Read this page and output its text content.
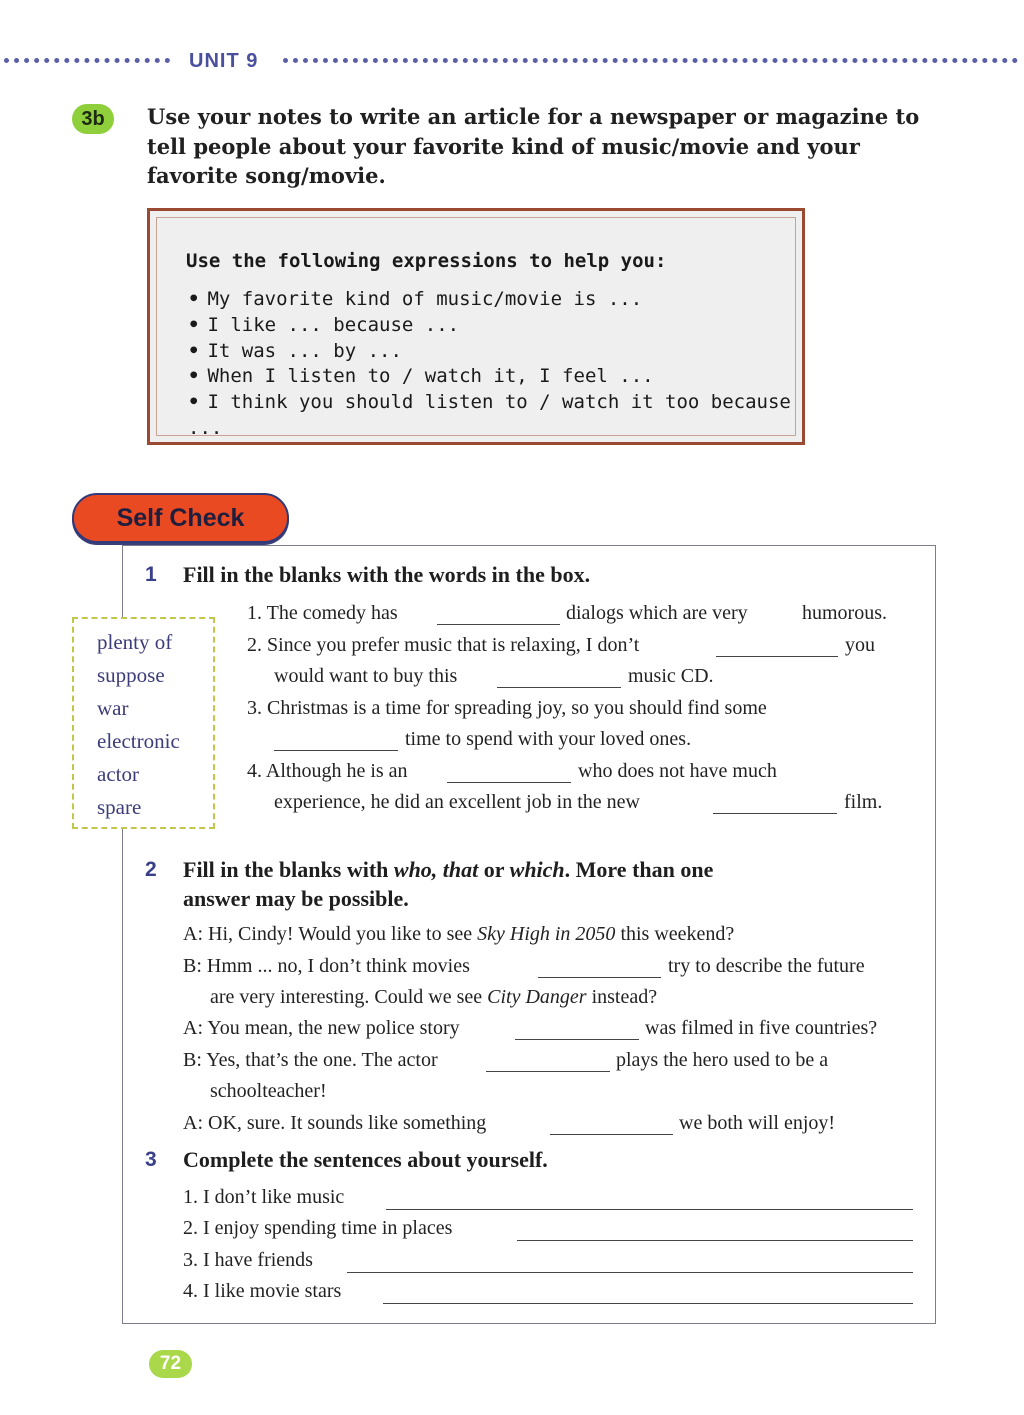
UNIT 9
3b	Use your notes to write an article for a newspaper or magazine to tell people about your favorite kind of music/movie and your favorite song/movie.
Use the following expressions to help you:
• My favorite kind of music/movie is ...
• I like ... because ...
• It was ... by ...
• When I listen to / watch it, I feel ...
• I think you should listen to / watch it too because ...
Self Check
1 Fill in the blanks with the words in the box.
plenty of
suppose
war
electronic
actor
spare
1. The comedy has	dialogs which are very	humorous.
2. Since you prefer music that is relaxing, I don’t	you
would want to buy this	music CD.
3. Christmas is a time for spreading joy, so you should find some
time to spend with your loved ones.
4. Although he is an	who does not have much
experience, he did an excellent job in the new	film.
2 Fill in the blanks with who, that or which. More than one
answer may be possible.
A: Hi, Cindy! Would you like to see Sky High in 2050 this weekend?
B: Hmm ... no, I don’t think movies	try to describe the future
are very interesting. Could we see City Danger instead?
A: You mean, the new police story	was filmed in five countries?
B: Yes, that’s the one. The actor	plays the hero used to be a
schoolteacher!
A: OK, sure. It sounds like something	we both will enjoy!
3 Complete the sentences about yourself.
1. I don’t like music
2. I enjoy spending time in places
3. I have friends
4. I like movie stars
72
